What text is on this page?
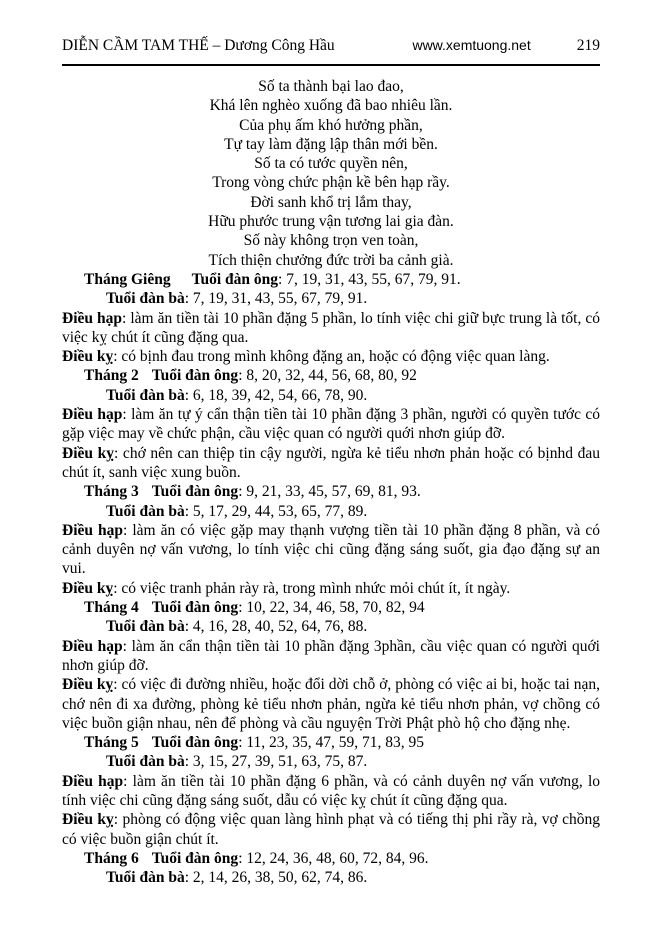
DIỄN CẦM TAM THẾ – Dương Công Hầu	www.xemtuong.net	219
Số ta thành bại lao đao,
Khá lên nghèo xuống đã bao nhiêu lần.
Của phụ ấm khó hưởng phần,
Tự tay làm đặng lập thân mới bền.
Số ta có tước quyền nên,
Trong vòng chức phận kề bên hạp rầy.
Đời sanh khổ trị lắm thay,
Hữu phước trung vận tương lai gia đàn.
Số này không trọn ven toàn,
Tích thiện chưởng đức trời ba cảnh già.
Tháng Giêng Tuổi đàn ông: 7, 19, 31, 43, 55, 67, 79, 91.
Tuổi đàn bà: 7, 19, 31, 43, 55, 67, 79, 91.
Điều hạp: làm ăn tiền tài 10 phần đặng 5 phần, lo tính việc chi giữ bực trung là tốt, có việc kỵ chút ít cũng đặng qua.
Điều kỵ: có bịnh đau trong mình không đặng an, hoặc có động việc quan làng.
Tháng 2 Tuổi đàn ông: 8, 20, 32, 44, 56, 68, 80, 92
Tuổi đàn bà: 6, 18, 39, 42, 54, 66, 78, 90.
Điều hạp: làm ăn tự ý cẩn thận tiền tài 10 phần đặng 3 phần, người có quyền tước có gặp việc may về chức phận, cầu việc quan có người quới nhơn giúp đỡ.
Điều kỵ: chớ nên can thiệp tin cậy người, ngừa kẻ tiểu nhơn phản hoặc có bịnhd đau chút ít, sanh việc xung buồn.
Tháng 3 Tuổi đàn ông: 9, 21, 33, 45, 57, 69, 81, 93.
Tuổi đàn bà: 5, 17, 29, 44, 53, 65, 77, 89.
Điều hạp: làm ăn có việc gặp may thạnh vượng tiền tài 10 phần đặng 8 phần, và có cảnh duyên nợ vấn vương, lo tính việc chi cũng đặng sáng suốt, gia đạo đặng sự an vui.
Điều kỵ: có việc tranh phản rày rà, trong mình nhức mỏi chút ít, ít ngày.
Tháng 4 Tuổi đàn ông: 10, 22, 34, 46, 58, 70, 82, 94
Tuổi đàn bà: 4, 16, 28, 40, 52, 64, 76, 88.
Điều hạp: làm ăn cẩn thận tiền tài 10 phần đặng 3phần, cầu việc quan có người quới nhơn giúp đỡ.
Điều kỵ: có việc đi đường nhiều, hoặc đổi dời chỗ ở, phòng có việc ai bi, hoặc tai nạn, chớ nên đi xa đường, phòng kẻ tiểu nhơn phản, ngừa kẻ tiểu nhơn phản, vợ chồng có việc buồn giận nhau, nên để phòng và cầu nguyện Trời Phật phò hộ cho đặng nhẹ.
Tháng 5 Tuổi đàn ông: 11, 23, 35, 47, 59, 71, 83, 95
Tuổi đàn bà: 3, 15, 27, 39, 51, 63, 75, 87.
Điều hạp: làm ăn tiền tài 10 phần đặng 6 phần, và có cảnh duyên nợ vấn vương, lo tính việc chi cũng đặng sáng suốt, dẫu có việc kỵ chút ít cũng đặng qua.
Điều kỵ: phòng có động việc quan làng hình phạt và có tiếng thị phi rầy rà, vợ chồng có việc buồn giận chút ít.
Tháng 6 Tuổi đàn ông: 12, 24, 36, 48, 60, 72, 84, 96.
Tuổi đàn bà: 2, 14, 26, 38, 50, 62, 74, 86.
